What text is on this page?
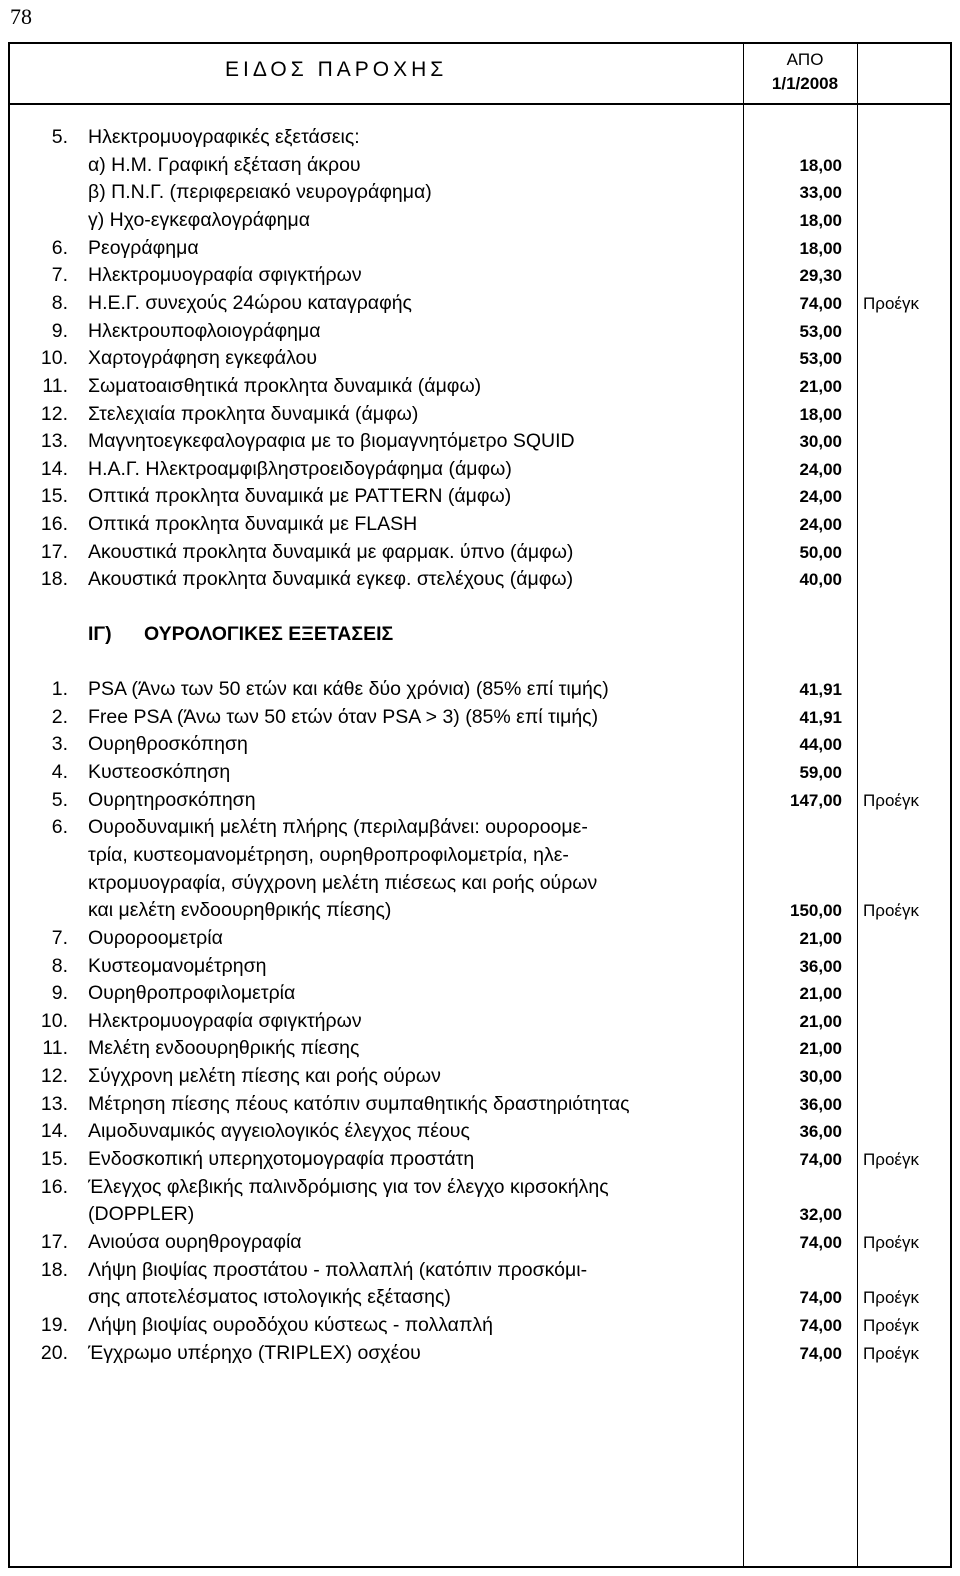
78
ΕΙΔΟΣ ΠΑΡΟΧΗΣ	ΑΠΟ
1/1/2008
5. Ηλεκτρομυογραφικές εξετάσεις:
α) Η.Μ. Γραφική εξέταση άκρου	18,00
β) Π.Ν.Γ. (περιφερειακό νευρογράφημα)	33,00
γ) Ηχο-εγκεφαλογράφημα	18,00
6. Ρεογράφημα	18,00
7. Ηλεκτρομυογραφία σφιγκτήρων	29,30
8. Η.Ε.Γ. συνεχούς 24ώρου καταγραφής	74,00 Προέγκ
9. Ηλεκτρουποφλοιογράφημα	53,00
10. Χαρτογράφηση εγκεφάλου	53,00
11. Σωματοαισθητικά προκλητα δυναμικά (άμφω)	21,00
12. Στελεχιαία προκλητα δυναμικά (άμφω)	18,00
13. Μαγνητοεγκεφαλογραφια με το βιομαγνητόμετρο SQUID	30,00
14. Η.Α.Γ. Ηλεκτροαμφιβληστροειδογράφημα (άμφω)	24,00
15. Οπτικά προκλητα δυναμικά με PATTERN (άμφω)	24,00
16. Οπτικά προκλητα δυναμικά με FLASH	24,00
17. Ακουστικά προκλητα δυναμικά με φαρμακ. ύπνο (άμφω)	50,00
18. Ακουστικά προκλητα δυναμικά εγκεφ. στελέχους (άμφω)	40,00
ΙΓ) ΟΥΡΟΛΟΓΙΚΕΣ ΕΞΕΤΑΣΕΙΣ
1. PSA (Άνω των 50 ετών και κάθε δύο χρόνια) (85% επί τιμής)	41,91
2. Free PSA (Άνω των 50 ετών όταν PSA > 3) (85% επί τιμής)	41,91
3. Ουρηθροσκόπηση	44,00
4. Κυστεοσκόπηση	59,00
5. Ουρητηροσκόπηση	147,00 Προέγκ
6. Ουροδυναμική μελέτη πλήρης (περιλαμβάνει: ουροροομε-
τρία, κυστεομανομέτρηση, ουρηθροπροφιλομετρία, ηλε-
κτρομυογραφία, σύγχρονη μελέτη πιέσεως και ροής ούρων
και μελέτη ενδοουρηθρικής πίεσης)	150,00 Προέγκ
7. Ουροροομετρία	21,00
8. Κυστεομανομέτρηση	36,00
9. Ουρηθροπροφιλομετρία	21,00
10. Ηλεκτρομυογραφία σφιγκτήρων	21,00
11. Μελέτη ενδοουρηθρικής πίεσης	21,00
12. Σύγχρονη μελέτη πίεσης και ροής ούρων	30,00
13. Μέτρηση πίεσης πέους κατόπιν συμπαθητικής δραστηριότητας	36,00
14. Αιμοδυναμικός αγγειολογικός έλεγχος πέους	36,00
15. Ενδοσκοπική υπερηχοτομογραφία προστάτη	74,00 Προέγκ
16. Έλεγχος φλεβικής παλινδρόμισης για τον έλεγχο κιρσοκήλης
(DOPPLER)	32,00
17. Ανιούσα ουρηθρογραφία	74,00 Προέγκ
18. Λήψη βιοψίας προστάτου - πολλαπλή (κατόπιν προσκόμι-
σης αποτελέσματος ιστολογικής εξέτασης)	74,00 Προέγκ
19. Λήψη βιοψίας ουροδόχου κύστεως - πολλαπλή	74,00 Προέγκ
20. Έγχρωμο υπέρηχο (TRIPLEX) οσχέου	74,00 Προέγκ
